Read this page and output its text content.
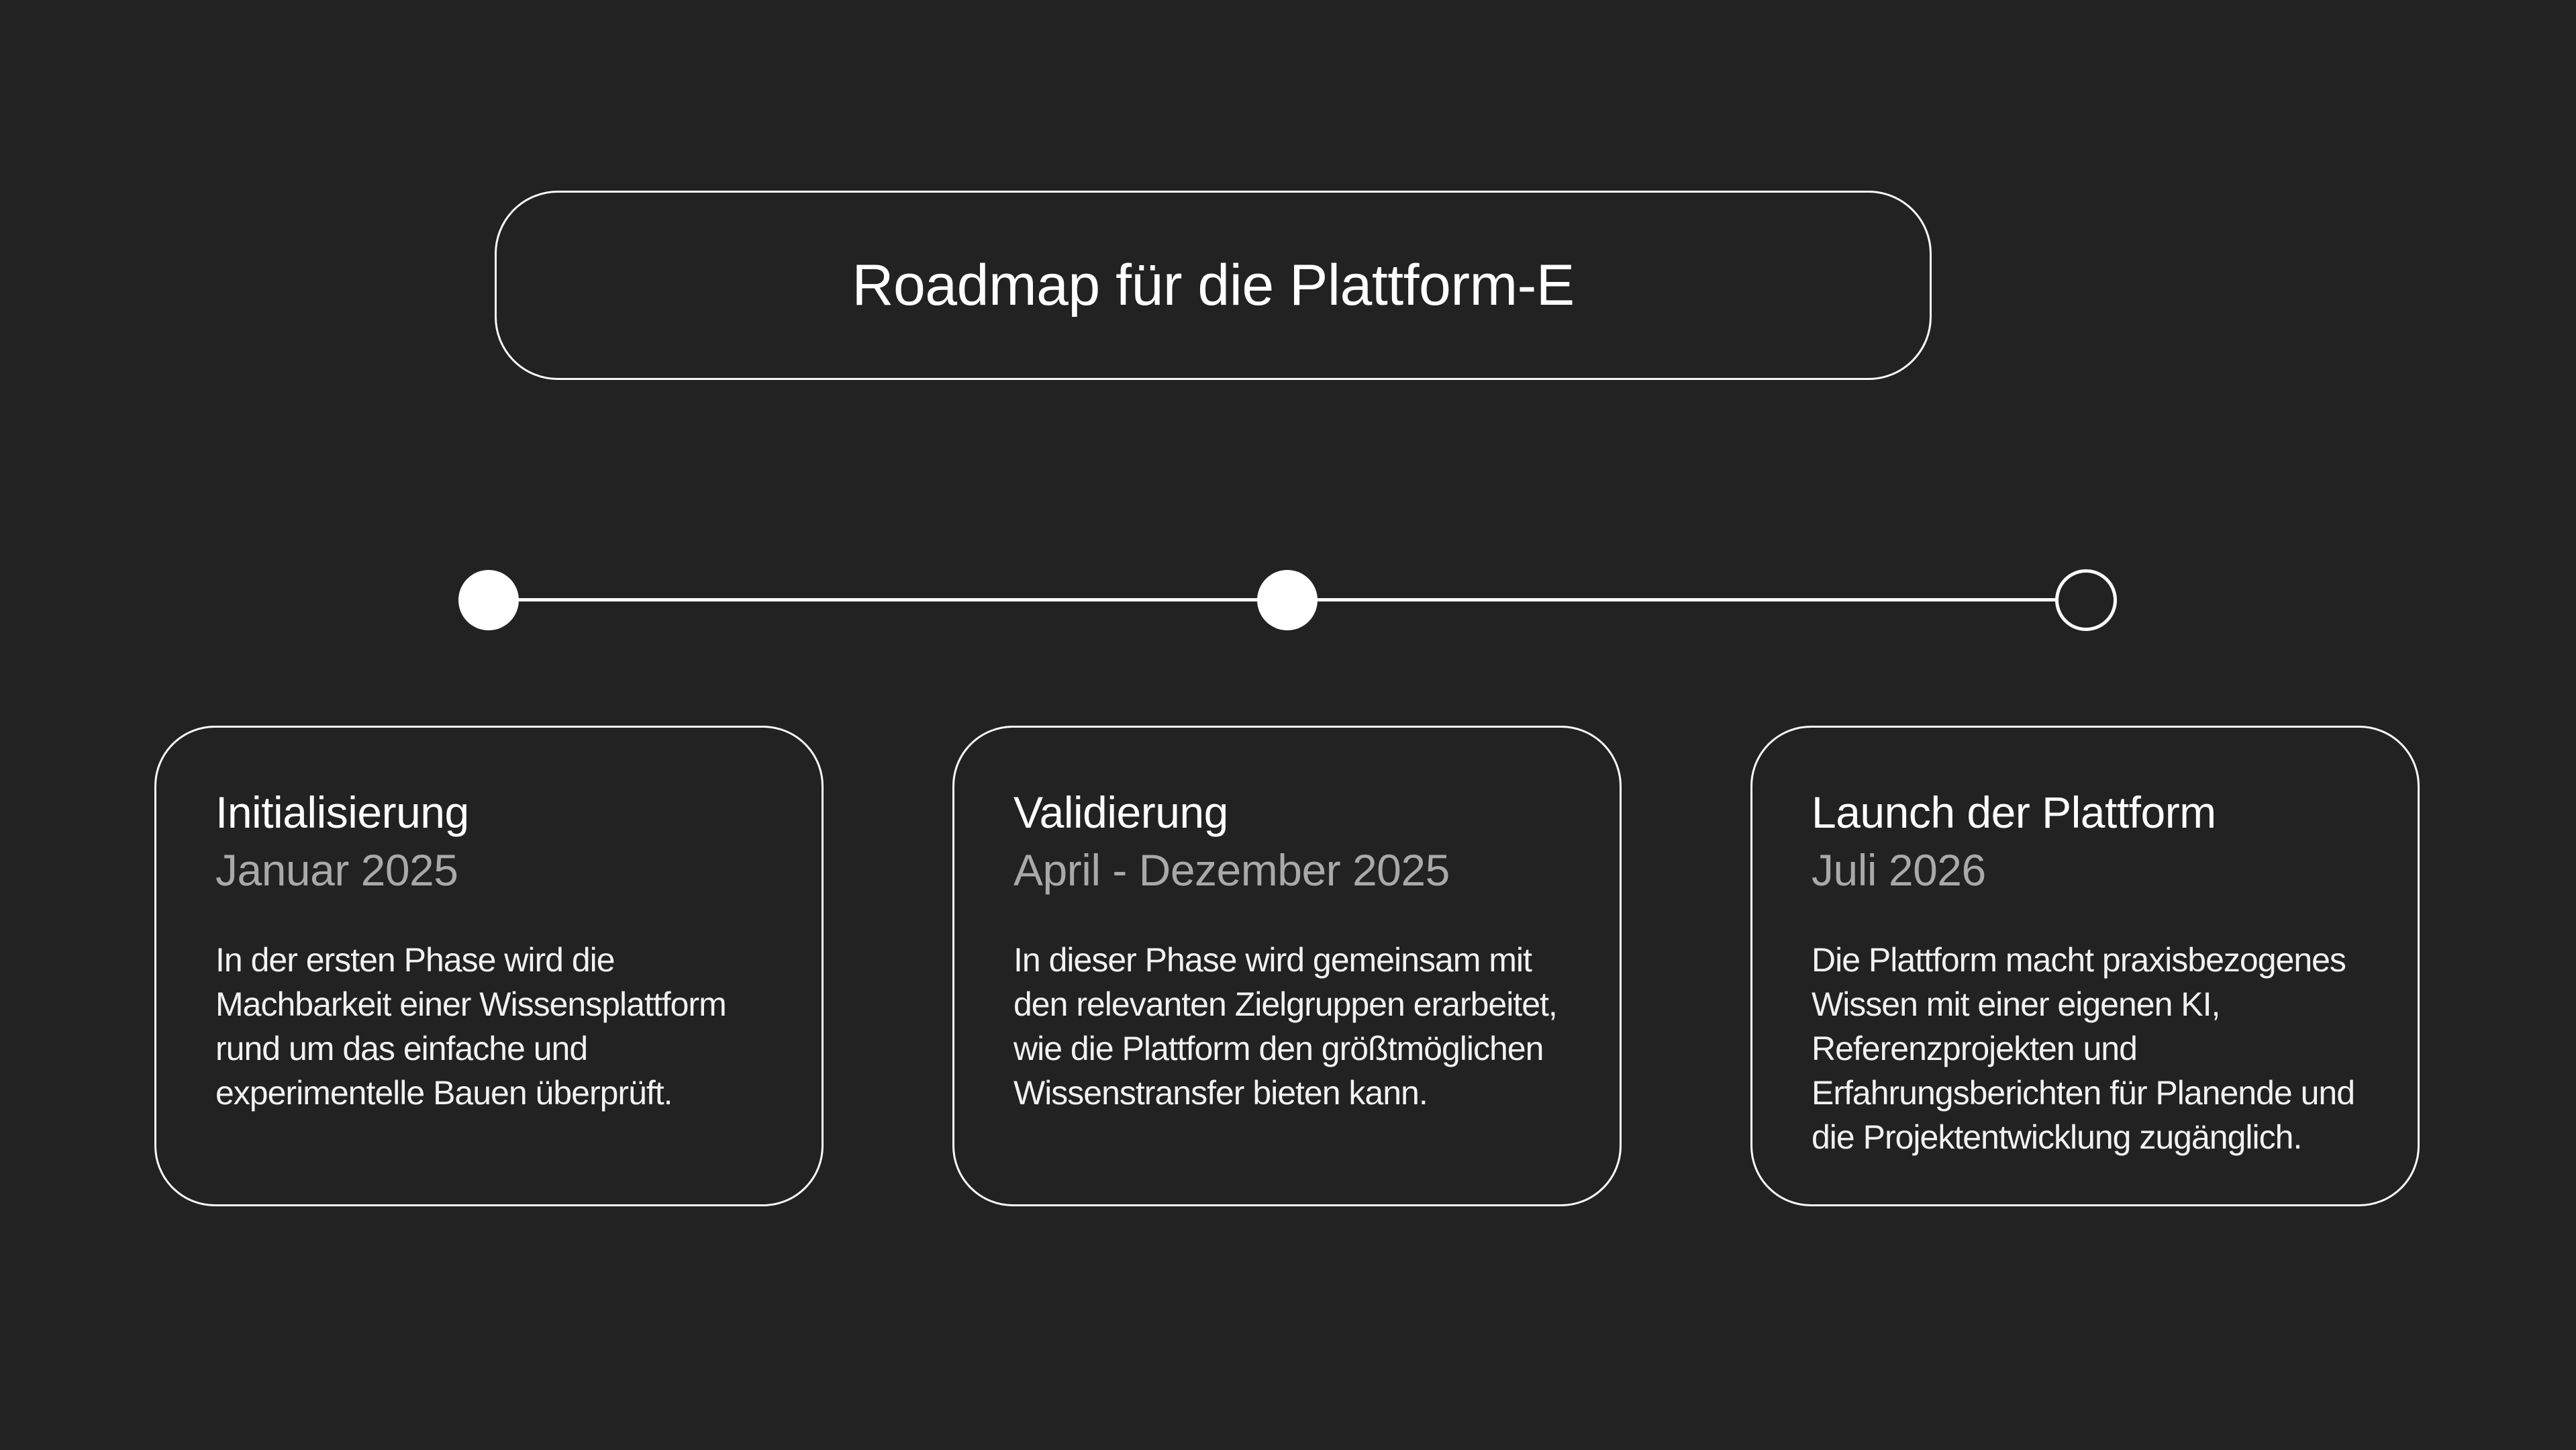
Roadmap für die Plattform-E
Initialisierung
Januar 2025
In der ersten Phase wird die
Machbarkeit einer Wissensplattform
rund um das einfache und
experimentelle Bauen überprüft.
Validierung
April - Dezember 2025
In dieser Phase wird gemeinsam mit
den relevanten Zielgruppen erarbeitet,
wie die Plattform den größtmöglichen
Wissenstransfer bieten kann.
Launch der Plattform
Juli 2026
Die Plattform macht praxisbezogenes
Wissen mit einer eigenen KI,
Referenzprojekten und
Erfahrungsberichten für Planende und
die Projektentwicklung zugänglich.
